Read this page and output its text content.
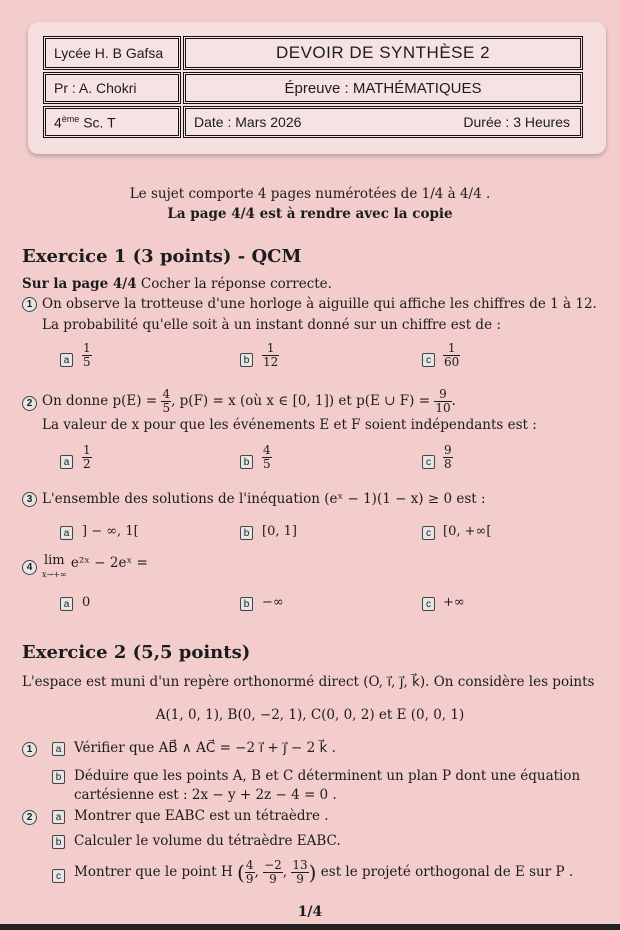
Lycée H. B Gafsa	DEVOIR DE SYNTHÈSE 2
Pr : A. Chokri	Épreuve : MATHÉMATIQUES
4ème Sc. T	Date : Mars 2026	Durée : 3 Heures
Le sujet comporte 4 pages numérotées de 1/4 à 4/4 .
La page 4/4 est à rendre avec la copie
Exercice 1 (3 points) - QCM
Sur la page 4/4 Cocher la réponse correcte.
1 On observe la trotteuse d'une horloge à aiguille qui affiche les chiffres de 1 à 12.
La probabilité qu'elle soit à un instant donné sur un chiffre est de :
a	$\frac{1}{5}$	b	$\frac{1}{12}$	c	$\frac{1}{60}$
2 On donne $p(E) = \frac{4}{5}$ , p(F) = x (où x ∈ [0, 1]) et p(E ∪ $F) = \frac{9}{10}$ .
La valeur de x pour que les événements E et F soient indépendants est :
a	$\frac{1}{2}$	b	$\frac{4}{5}$	c	$\frac{9}{8}$
3 L'ensemble des solutions de l'inéquation (eˣ − 1)(1 − x) ≥ 0 est :
a ] − ∞, 1[	b [0, 1]	c [0, +∞[
4 lim
x→+∞
e²ˣ − 2eˣ =
a 0	b −∞	c +∞
Exercice 2 (5,5 points)
L'espace est muni d'un repère orthonormé direct (O, i⃗, j⃗, k⃗). On considère les points
A(1, 0, 1), B(0, −2, 1), C(0, 0, 2) et E (0, 0, 1)
1	a Vérifier que AB⃗ ∧ AC⃗ = −2 i⃗ + j⃗ − 2 k⃗ .
b Déduire que les points A, B et C déterminent un plan P dont une équation
cartésienne est : 2x − y + 2z − 4 = 0 .
2	a Montrer que EABC est un tétraèdre .
b Calculer le volume du tétraèdre EABC.
c Montrer que le point H ( $\frac{4}{9}$ , $\frac{-2}{9}$ , $\frac{13}{9}$ ) est le projeté orthogonal de E sur P .
1/4
